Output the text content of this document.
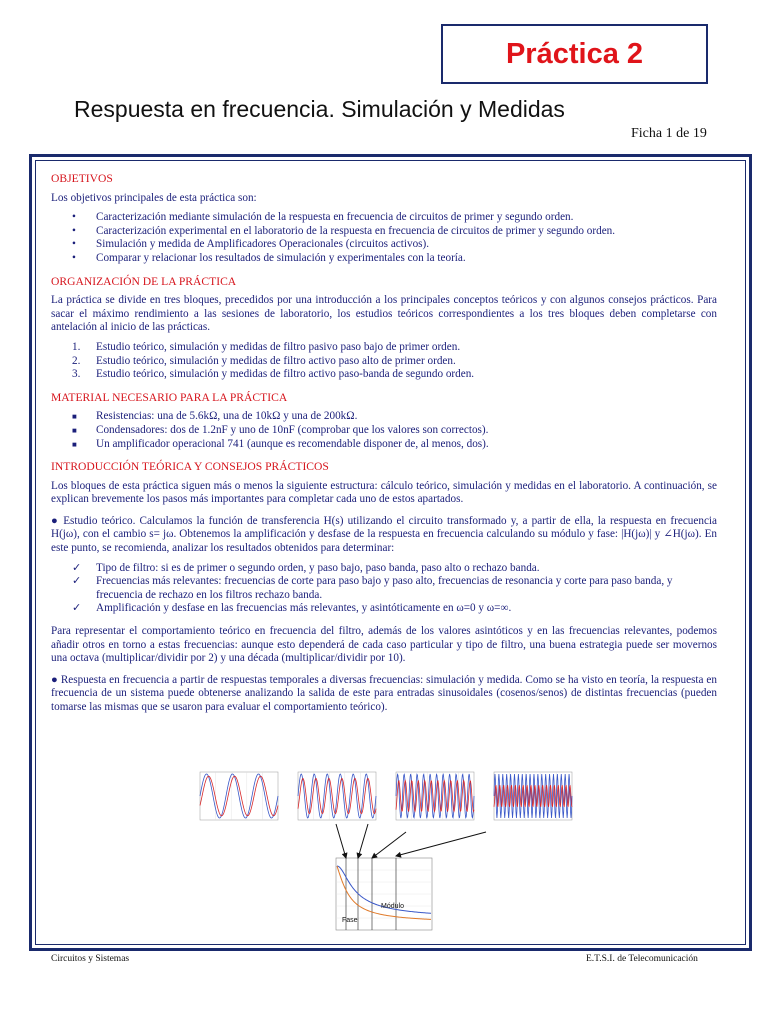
Práctica 2
Respuesta en frecuencia. Simulación y Medidas
Ficha 1 de 19
OBJETIVOS
Los objetivos principales de esta práctica son:
•	Caracterización mediante simulación de la respuesta en frecuencia de circuitos de primer y segundo orden.
•	Caracterización experimental en el laboratorio de la respuesta en frecuencia de circuitos de primer y segundo orden.
•	Simulación y medida de Amplificadores Operacionales (circuitos activos).
•	Comparar y relacionar los resultados de simulación y experimentales con la teoría.
ORGANIZACIÓN DE LA PRÁCTICA
La práctica se divide en tres bloques, precedidos por una introducción a los principales conceptos teóricos y con algunos consejos prácticos. Para sacar el máximo rendimiento a las sesiones de laboratorio, los estudios teóricos correspondientes a los tres bloques deben completarse con antelación al inicio de las prácticas.
1.	Estudio teórico, simulación y medidas de filtro pasivo paso bajo de primer orden.
2.	Estudio teórico, simulación y medidas de filtro activo paso alto de primer orden.
3.	Estudio teórico, simulación y medidas de filtro activo paso-banda de segundo orden.
MATERIAL NECESARIO PARA LA PRÁCTICA
■	Resistencias: una de 5.6kΩ, una de 10kΩ y una de 200kΩ.
■	Condensadores: dos de 1.2nF y uno de 10nF (comprobar que los valores son correctos).
■	Un amplificador operacional 741 (aunque es recomendable disponer de, al menos, dos).
INTRODUCCIÓN TEÓRICA Y CONSEJOS PRÁCTICOS
Los bloques de esta práctica siguen más o menos la siguiente estructura: cálculo teórico, simulación y medidas en el laboratorio. A continuación, se explican brevemente los pasos más importantes para completar cada uno de estos apartados.
● Estudio teórico. Calculamos la función de transferencia H(s) utilizando el circuito transformado y, a partir de ella, la respuesta en frecuencia H(jω), con el cambio s= jω. Obtenemos la amplificación y desfase de la respuesta en frecuencia calculando su módulo y fase: |H(jω)| y ∠H(jω). En este punto, se recomienda, analizar los resultados obtenidos para determinar:
✓	Tipo de filtro: si es de primer o segundo orden, y paso bajo, paso banda, paso alto o rechazo banda.
✓	Frecuencias más relevantes: frecuencias de corte para paso bajo y paso alto, frecuencias de resonancia y corte para paso banda, y frecuencia de rechazo en los filtros rechazo banda.
✓	Amplificación y desfase en las frecuencias más relevantes, y asintóticamente en ω=0 y ω=∞.
Para representar el comportamiento teórico en frecuencia del filtro, además de los valores asintóticos y en las frecuencias relevantes, podemos añadir otros en torno a estas frecuencias: aunque esto dependerá de cada caso particular y tipo de filtro, una buena estrategia puede ser movernos una octava (multiplicar/dividir por 2) y una década (multiplicar/dividir por 10).
● Respuesta en frecuencia a partir de respuestas temporales a diversas frecuencias: simulación y medida. Como se ha visto en teoría, la respuesta en frecuencia de un sistema puede obtenerse analizando la salida de este para entradas sinusoidales (cosenos/senos) de distintas frecuencias (pueden tomarse las mismas que se usaron para evaluar el comportamiento teórico).
Fase
Módulo
Circuitos y Sistemas	E.T.S.I. de Telecomunicación
